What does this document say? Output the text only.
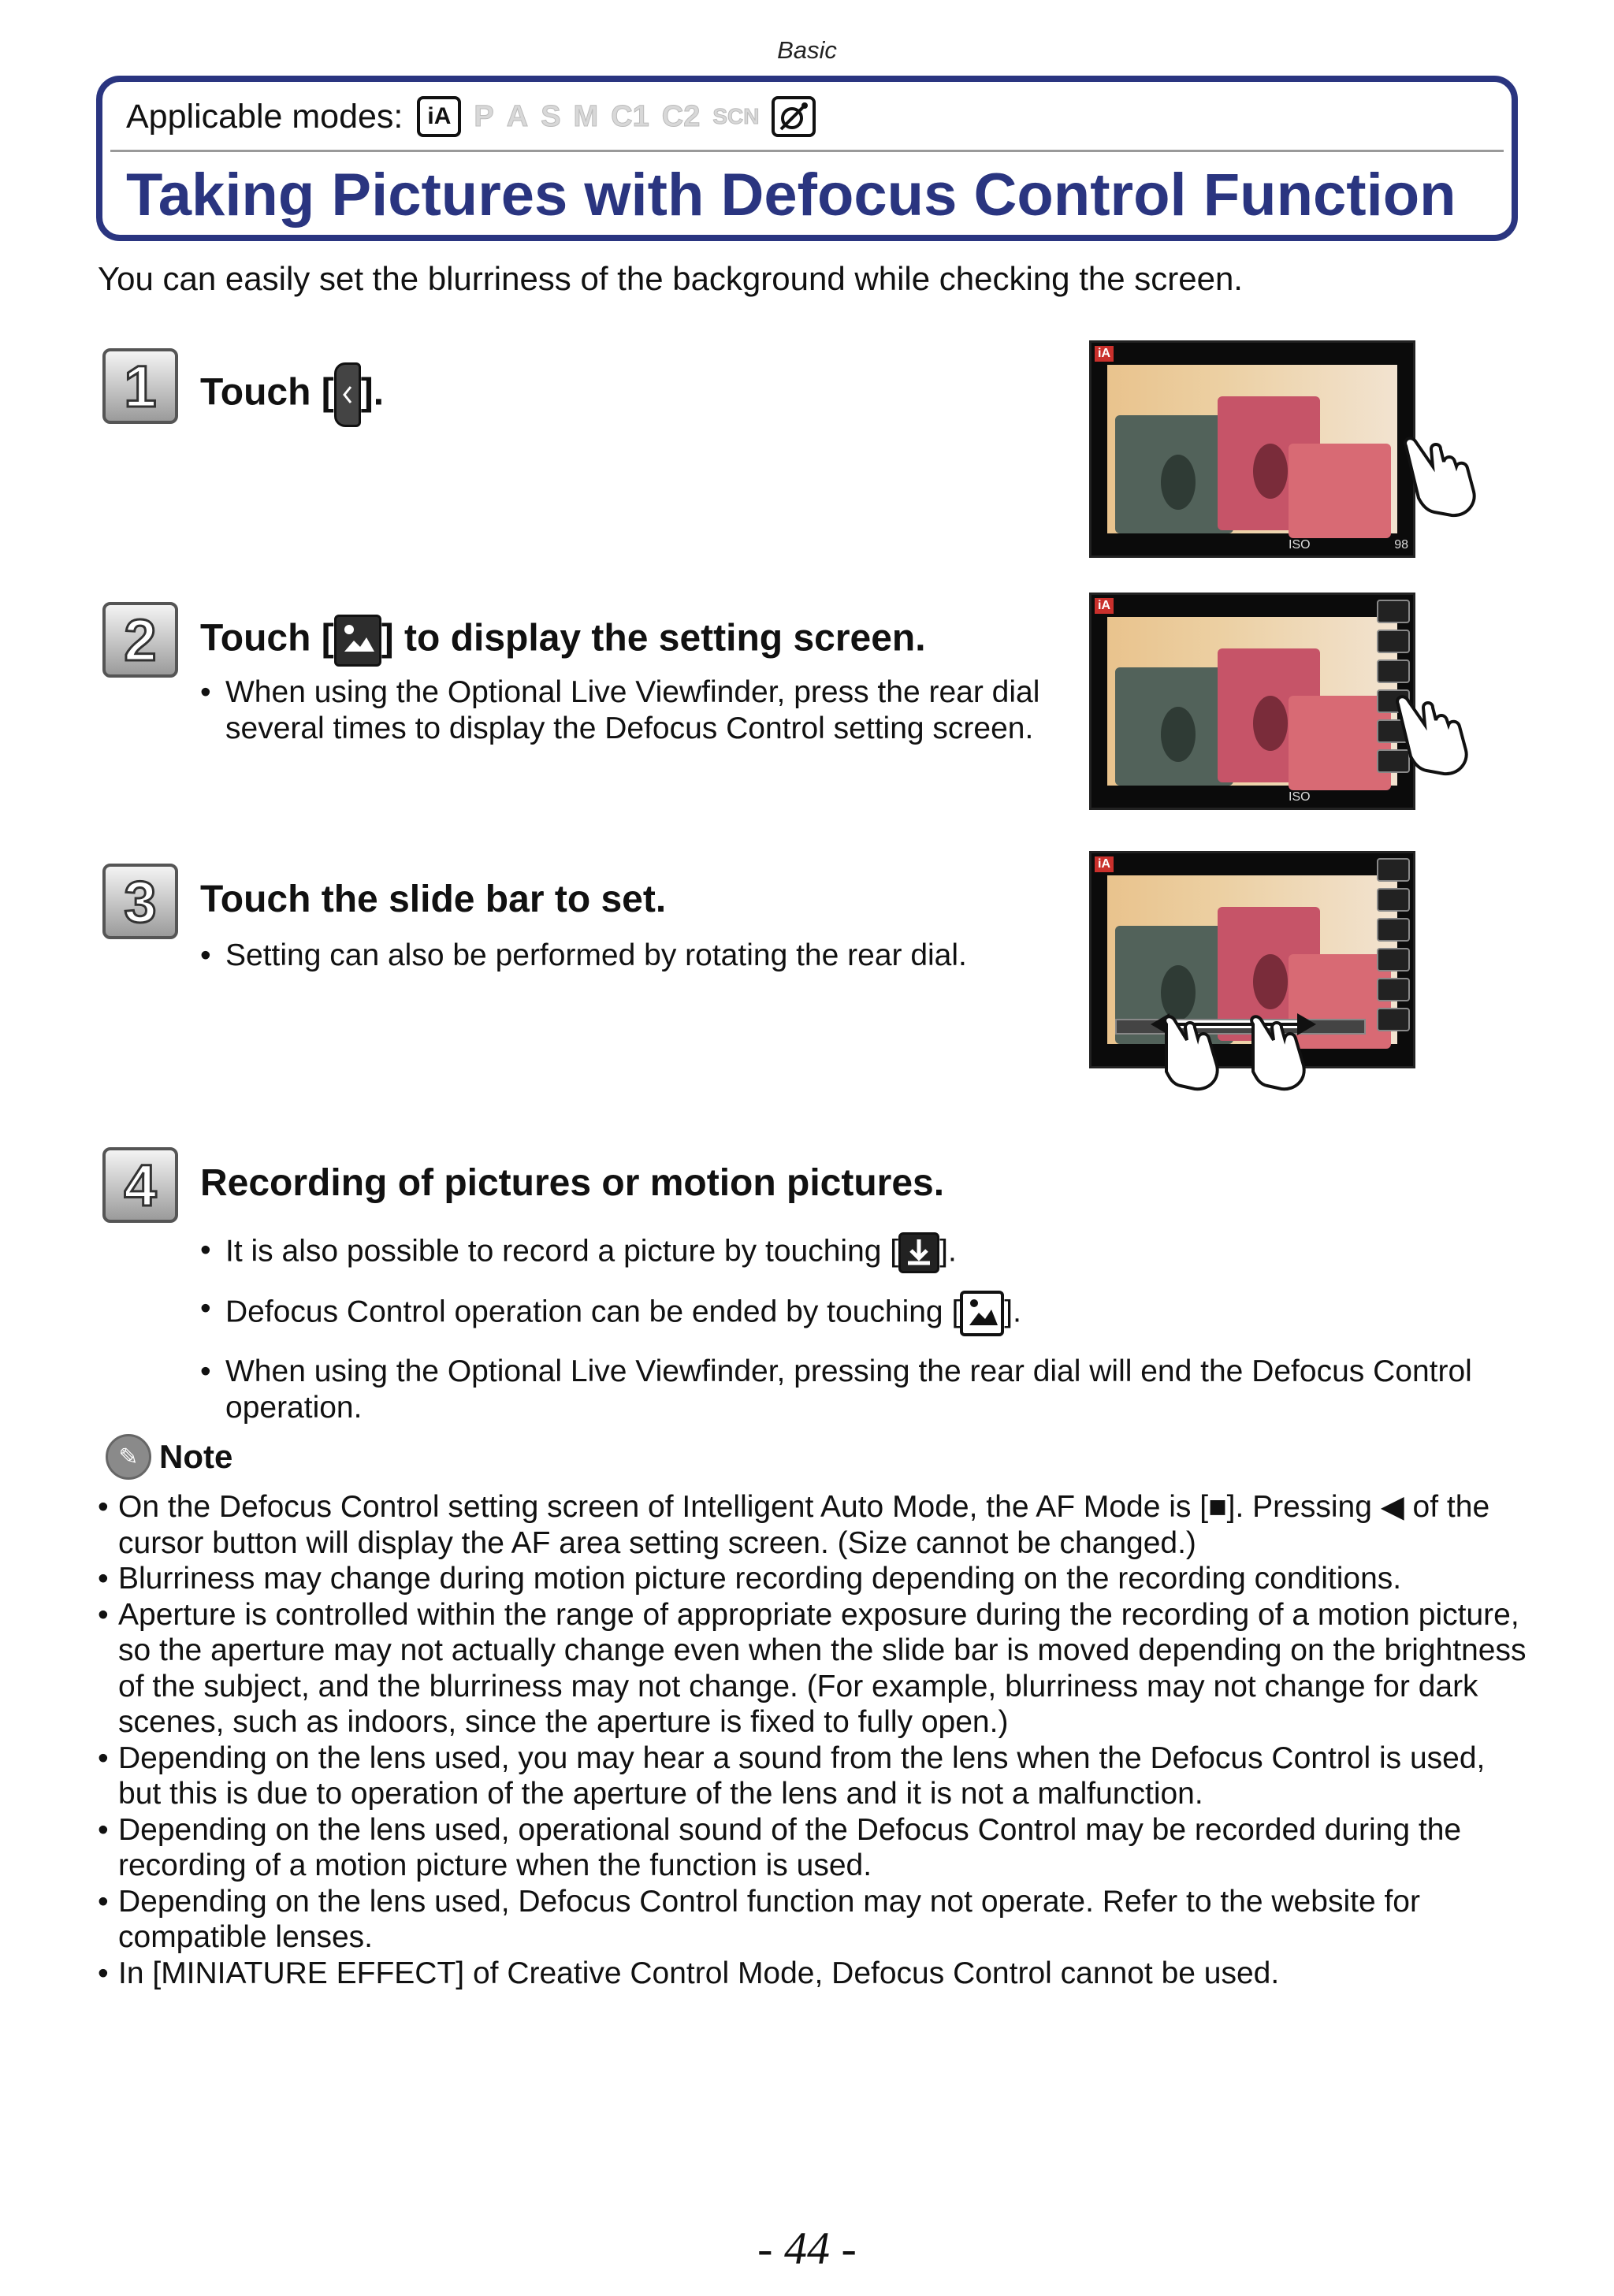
Basic
Applicable modes:	iA P A S M C1 C2 SCN
Taking Pictures with Defocus Control Function
You can easily set the blurriness of the background while checking the screen.
1	Touch [ ].
iA
ISO	98
2	Touch [ ] to display the setting screen.
• When using the Optional Live Viewfinder, press the rear dial several times to display the Defocus Control setting screen.
iA
ISO
3	Touch the slide bar to set.
• Setting can also be performed by rotating the rear dial.
iA
4	Recording of pictures or motion pictures.
• It is also possible to record a picture by touching [ ].
• Defocus Control operation can be ended by touching [ ].
• When using the Optional Live Viewfinder, pressing the rear dial will end the Defocus Control operation.
✎ Note
• On the Defocus Control setting screen of Intelligent Auto Mode, the AF Mode is [■]. Pressing ◀ of the cursor button will display the AF area setting screen. (Size cannot be changed.)
• Blurriness may change during motion picture recording depending on the recording conditions.
• Aperture is controlled within the range of appropriate exposure during the recording of a motion picture, so the aperture may not actually change even when the slide bar is moved depending on the brightness of the subject, and the blurriness may not change. (For example, blurriness may not change for dark scenes, such as indoors, since the aperture is fixed to fully open.)
• Depending on the lens used, you may hear a sound from the lens when the Defocus Control is used, but this is due to operation of the aperture of the lens and it is not a malfunction.
• Depending on the lens used, operational sound of the Defocus Control may be recorded during the recording of a motion picture when the function is used.
• Depending on the lens used, Defocus Control function may not operate. Refer to the website for compatible lenses.
• In [MINIATURE EFFECT] of Creative Control Mode, Defocus Control cannot be used.
- 44 -
